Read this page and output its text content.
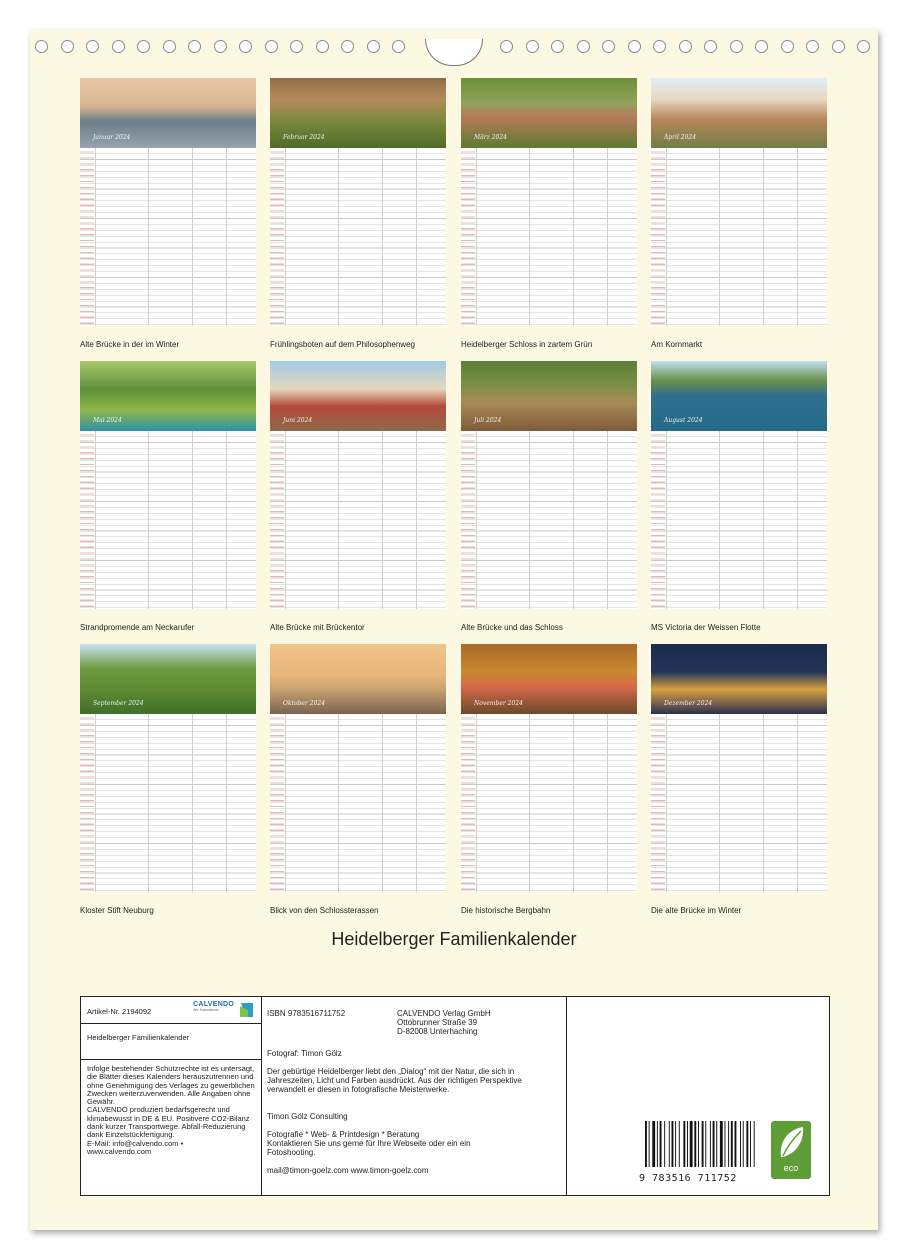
Januar 2024
Alte Brücke in der im Winter
Februar 2024
Frühlingsboten auf dem Philosophenweg
März 2024
Heidelberger Schloss in zartem Grün
April 2024
Am Kornmarkt
Mai 2024
Strandpromende am Neckarufer
Juni 2024
Alte Brücke mit Brückentor
Juli 2024
Alte Brücke und das Schloss
August 2024
MS Victoria der Weissen Flotte
September 2024
Kloster Stift Neuburg
Oktober 2024
Blick von den Schlossterassen
November 2024
Die historische Bergbahn
Dezember 2024
Die alte Brücke im Winter
Heidelberger Familienkalender
Artikel-Nr. 2194092
CALVENDO
Wir. Kalendernis
Heidelberger Familienkalender
Infolge bestehender Schutzrechte ist es untersagt, die Blätter dieses Kalenders herauszutrennen und ohne Genehmigung des Verlages zu gewerblichen Zwecken weiterzuverwenden. Alle Angaben ohne Gewähr.
CALVENDO produziert bedarfsgerecht und klimabewusst in DE & EU. Positivere CO2-Bilanz dank kurzer Transportwege. Abfall-Reduzierung dank Einzelstückfertigung.
E-Mail: info@calvendo.com •
www.calvendo.com
ISBN 9783516711752	CALVENDO Verlag GmbH
Ottobrunner Straße 39
D-82008 Unterhaching
Fotograf: Timon Gölz
Der gebürtige Heidelberger liebt den „Dialog“ mit der Natur, die sich in Jahreszeiten, Licht und Farben ausdrückt. Aus der richtigen Perspektive verwandelt er diesen in fotografische Meisterwerke.
Timon Gölz Consulting
Fotografie * Web- & Printdesign * Beratung
Kontaktieren Sie uns gerne für Ihre Webseite oder ein ein Fotoshooting.
mail@timon-goelz.com www.timon-goelz.com
9 783516 711752
eco
